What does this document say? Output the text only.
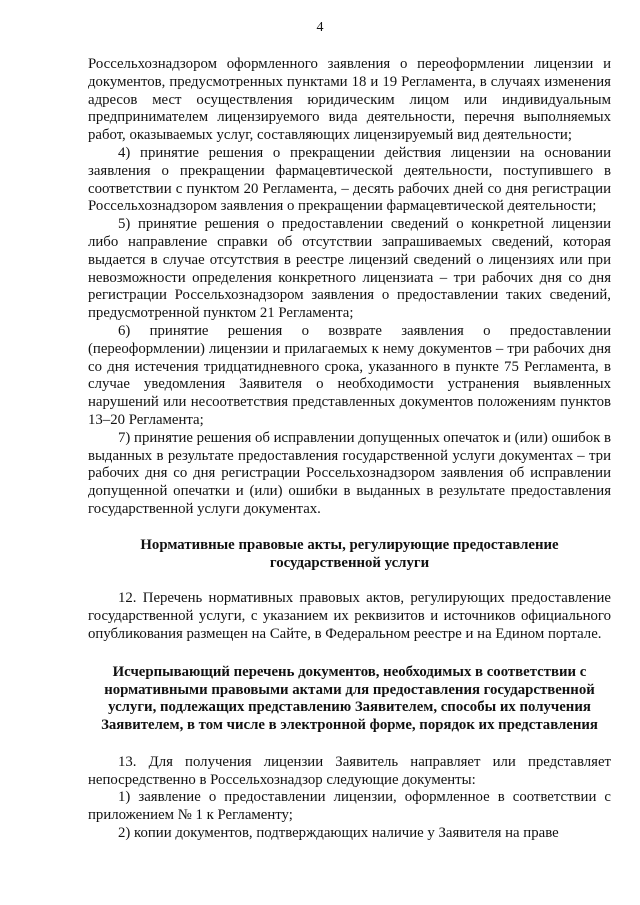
4

Россельхознадзором оформленного заявления о переоформлении лицензии и документов, предусмотренных пунктами 18 и 19 Регламента, в случаях изменения адресов мест осуществления юридическим лицом или индивидуальным предпринимателем лицензируемого вида деятельности, перечня выполняемых работ, оказываемых услуг, составляющих лицензируемый вид деятельности;

4) принятие решения о прекращении действия лицензии на основании заявления о прекращении фармацевтической деятельности, поступившего в соответствии с пунктом 20 Регламента, – десять рабочих дней со дня регистрации Россельхознадзором заявления о прекращении фармацевтической деятельности;

5) принятие решения о предоставлении сведений о конкретной лицензии либо направление справки об отсутствии запрашиваемых сведений, которая выдается в случае отсутствия в реестре лицензий сведений о лицензиях или при невозможности определения конкретного лицензиата – три рабочих дня со дня регистрации Россельхознадзором заявления о предоставлении таких сведений, предусмотренной пунктом 21 Регламента;

6) принятие решения о возврате заявления о предоставлении (переоформлении) лицензии и прилагаемых к нему документов – три рабочих дня со дня истечения тридцатидневного срока, указанного в пункте 75 Регламента, в случае уведомления Заявителя о необходимости устранения выявленных нарушений или несоответствия представленных документов положениям пунктов 13–20 Регламента;

7) принятие решения об исправлении допущенных опечаток и (или) ошибок в выданных в результате предоставления государственной услуги документах – три рабочих дня со дня регистрации Россельхознадзором заявления об исправлении допущенной опечатки и (или) ошибки в выданных в результате предоставления государственной услуги документах.

Нормативные правовые акты, регулирующие предоставление государственной услуги

12. Перечень нормативных правовых актов, регулирующих предоставление государственной услуги, с указанием их реквизитов и источников официального опубликования размещен на Сайте, в Федеральном реестре и на Едином портале.

Исчерпывающий перечень документов, необходимых в соответствии с нормативными правовыми актами для предоставления государственной услуги, подлежащих представлению Заявителем, способы их получения Заявителем, в том числе в электронной форме, порядок их представления

13. Для получения лицензии Заявитель направляет или представляет непосредственно в Россельхознадзор следующие документы:

1) заявление о предоставлении лицензии, оформленное в соответствии с приложением № 1 к Регламенту;

2) копии документов, подтверждающих наличие у Заявителя на праве
